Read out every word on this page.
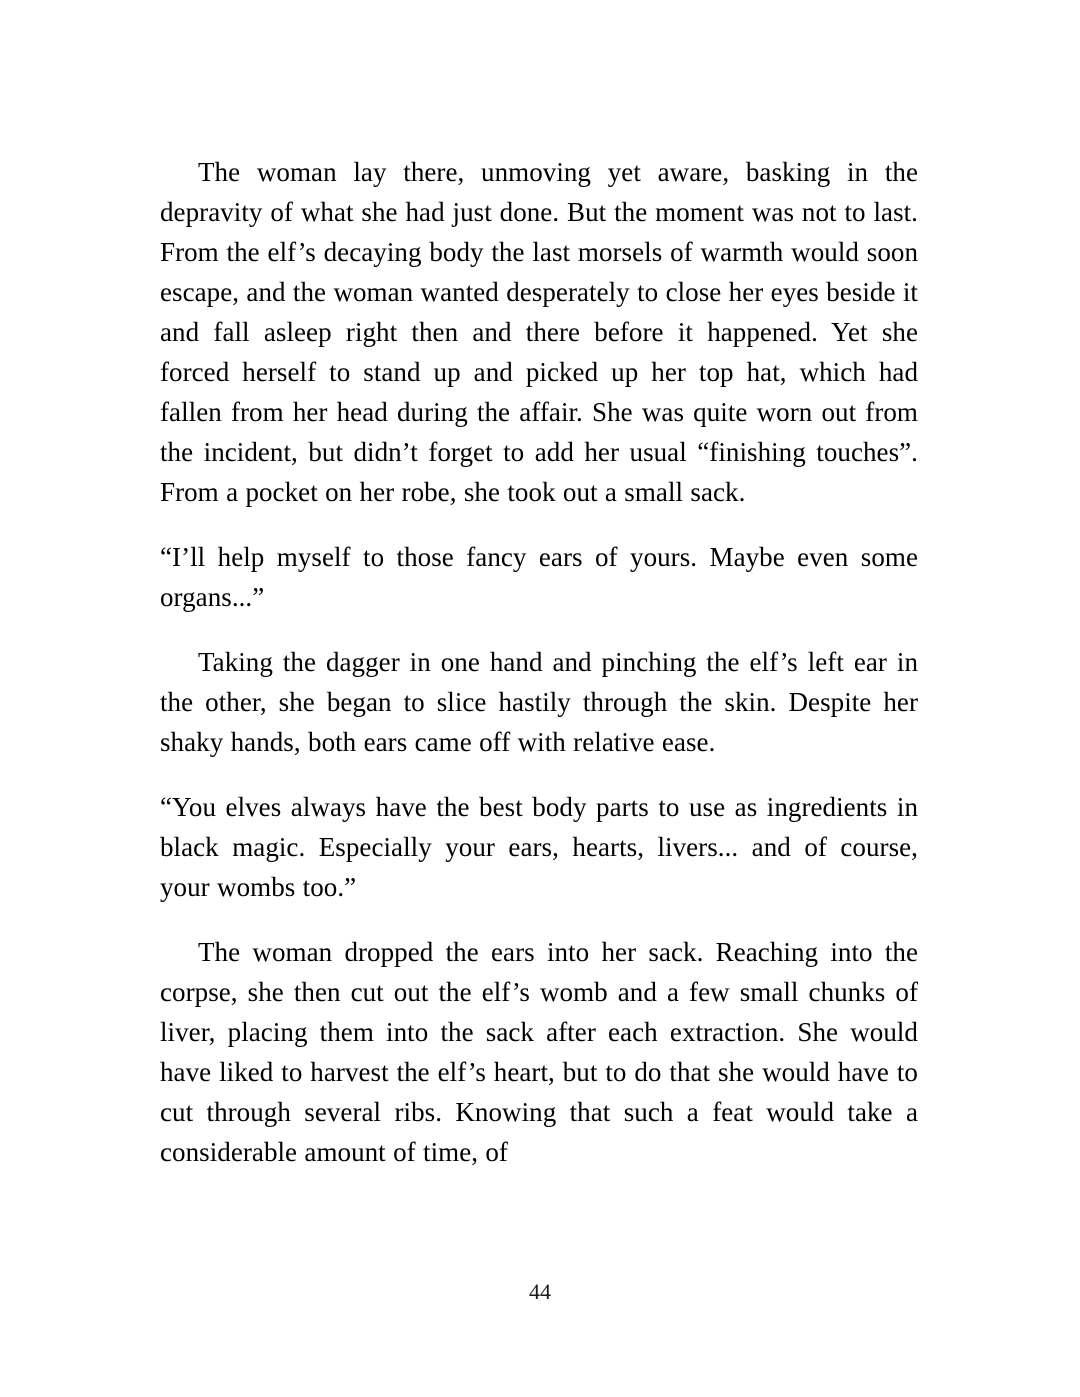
The woman lay there, unmoving yet aware, basking in the depravity of what she had just done. But the moment was not to last. From the elf’s decaying body the last morsels of warmth would soon escape, and the woman wanted desperately to close her eyes beside it and fall asleep right then and there before it happened. Yet she forced herself to stand up and picked up her top hat, which had fallen from her head during the affair. She was quite worn out from the incident, but didn’t forget to add her usual “finishing touches”. From a pocket on her robe, she took out a small sack.

“I’ll help myself to those fancy ears of yours. Maybe even some organs...”

Taking the dagger in one hand and pinching the elf’s left ear in the other, she began to slice hastily through the skin. Despite her shaky hands, both ears came off with relative ease.

“You elves always have the best body parts to use as ingredients in black magic. Especially your ears, hearts, livers... and of course, your wombs too.”

The woman dropped the ears into her sack. Reaching into the corpse, she then cut out the elf’s womb and a few small chunks of liver, placing them into the sack after each extraction. She would have liked to harvest the elf’s heart, but to do that she would have to cut through several ribs. Knowing that such a feat would take a considerable amount of time, of

44
